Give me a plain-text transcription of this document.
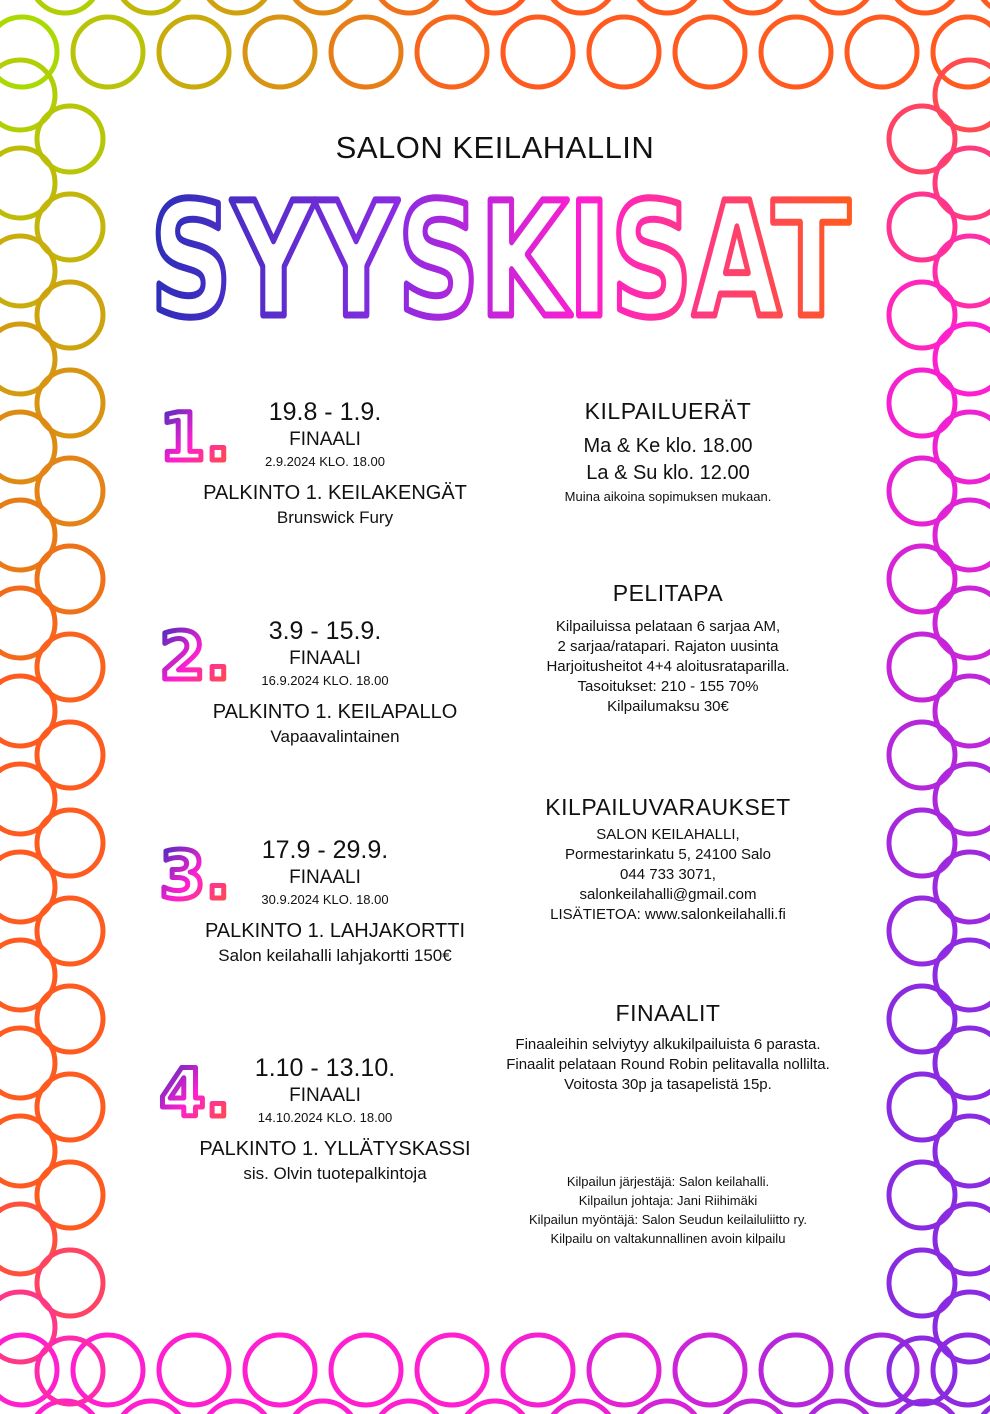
SALON KEILAHALLIN
SYYSKISAT
1.	19.8 - 1.9.
FINAALI
2.9.2024 KLO. 18.00
PALKINTO 1. KEILAKENGÄT
Brunswick Fury
2.	3.9 - 15.9.
FINAALI
16.9.2024 KLO. 18.00
PALKINTO 1. KEILAPALLO
Vapaavalintainen
3.	17.9 - 29.9.
FINAALI
30.9.2024 KLO. 18.00
PALKINTO 1. LAHJAKORTTI
Salon keilahalli lahjakortti 150€
4. 1.10 - 13.10.
FINAALI
14.10.2024 KLO. 18.00
PALKINTO 1. YLLÄTYSKASSI
sis. Olvin tuotepalkintoja
KILPAILUERÄT
Ma & Ke klo. 18.00
La & Su klo. 12.00
Muina aikoina sopimuksen mukaan.
PELITAPA
Kilpailuissa pelataan 6 sarjaa AM,
2 sarjaa/ratapari. Rajaton uusinta
Harjoitusheitot 4+4 aloitusrataparilla.
Tasoitukset: 210 - 155 70%
Kilpailumaksu 30€
KILPAILUVARAUKSET
SALON KEILAHALLI,
Pormestarinkatu 5, 24100 Salo
044 733 3071,
salonkeilahalli@gmail.com
LISÄTIETOA: www.salonkeilahalli.fi
FINAALIT
Finaaleihin selviytyy alkukilpailuista 6 parasta.
Finaalit pelataan Round Robin pelitavalla nollilta.
Voitosta 30p ja tasapelistä 15p.
Kilpailun järjestäjä: Salon keilahalli.
Kilpailun johtaja: Jani Riihimäki
Kilpailun myöntäjä: Salon Seudun keilailuliitto ry.
Kilpailu on valtakunnallinen avoin kilpailu
